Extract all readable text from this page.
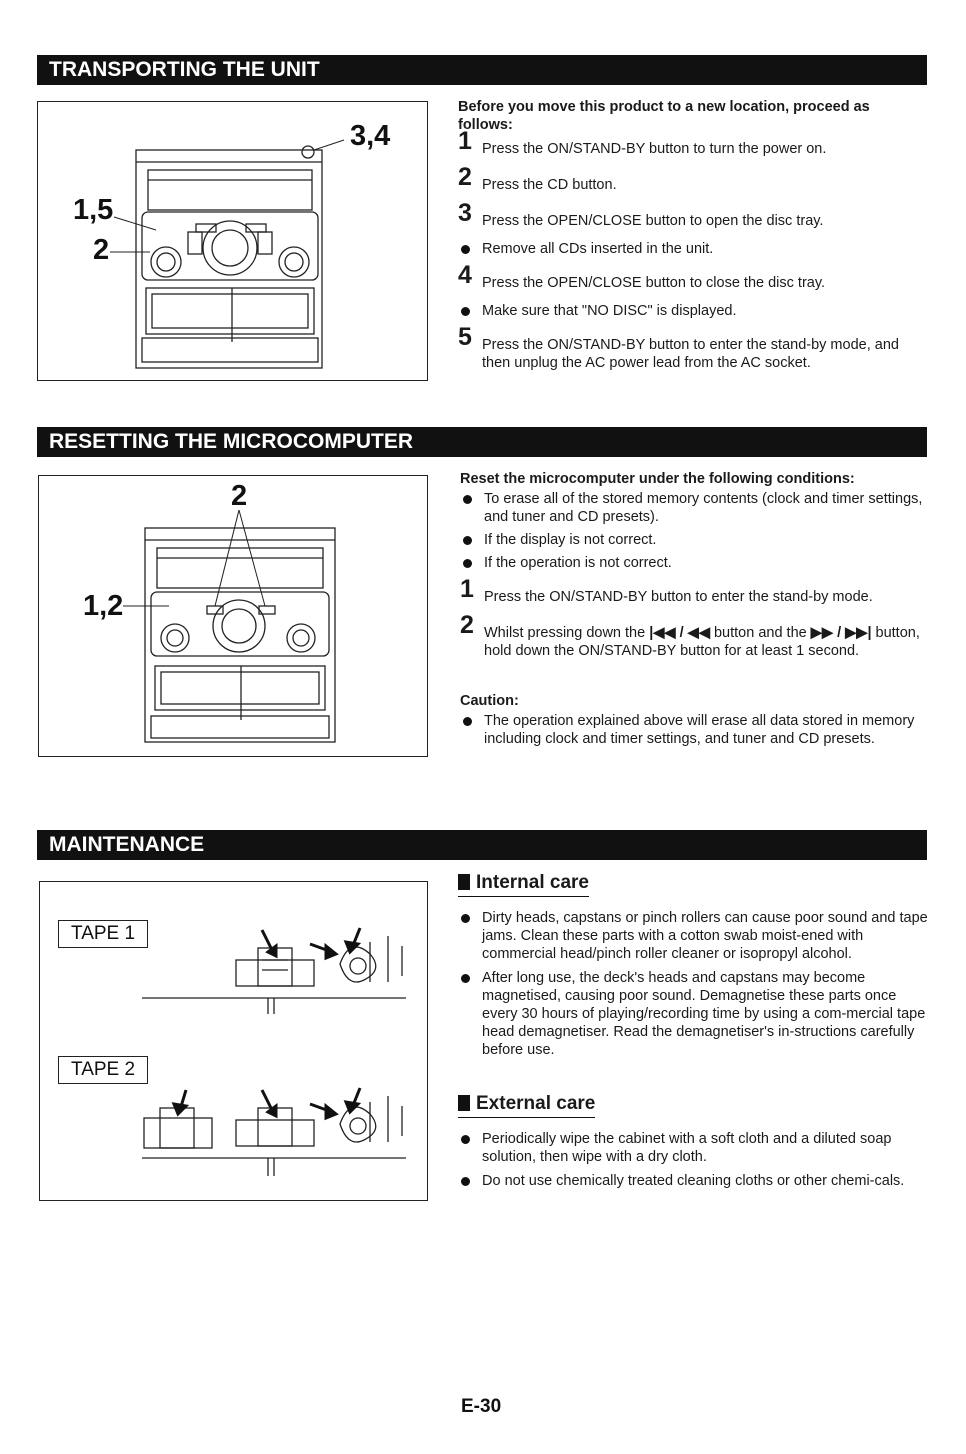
TRANSPORTING THE UNIT
3,4
1,5
2

Before you move this product to a new location, proceed as follows:

1 Press the ON/STAND-BY button to turn the power on.
2 Press the CD button.
3 Press the OPEN/CLOSE button to open the disc tray.
Remove all CDs inserted in the unit.
4 Press the OPEN/CLOSE button to close the disc tray.
Make sure that "NO DISC" is displayed.
5 Press the ON/STAND-BY button to enter the stand-by mode, and then unplug the AC power lead from the AC socket.
RESETTING THE MICROCOMPUTER
2
1,2

Reset the microcomputer under the following conditions:

To erase all of the stored memory contents (clock and timer settings, and tuner and CD presets).
If the display is not correct.
If the operation is not correct.
1 Press the ON/STAND-BY button to enter the stand-by mode.
2 Whilst pressing down the |◀◀ / ◀◀ button and the ▶▶ / ▶▶| button, hold down the ON/STAND-BY button for at least 1 second.
Caution:
The operation explained above will erase all data stored in memory including clock and timer settings, and tuner and CD presets.
MAINTENANCE
TAPE 1
TAPE 2
Internal care
Dirty heads, capstans or pinch rollers can cause poor sound and tape jams. Clean these parts with a cotton swab moist-ened with commercial head/pinch roller cleaner or isopropyl alcohol.
After long use, the deck's heads and capstans may become magnetised, causing poor sound. Demagnetise these parts once every 30 hours of playing/recording time by using a com-mercial tape head demagnetiser. Read the demagnetiser's in-structions carefully before use.
External care
Periodically wipe the cabinet with a soft cloth and a diluted soap solution, then wipe with a dry cloth.
Do not use chemically treated cleaning cloths or other chemi-cals.
E-30
